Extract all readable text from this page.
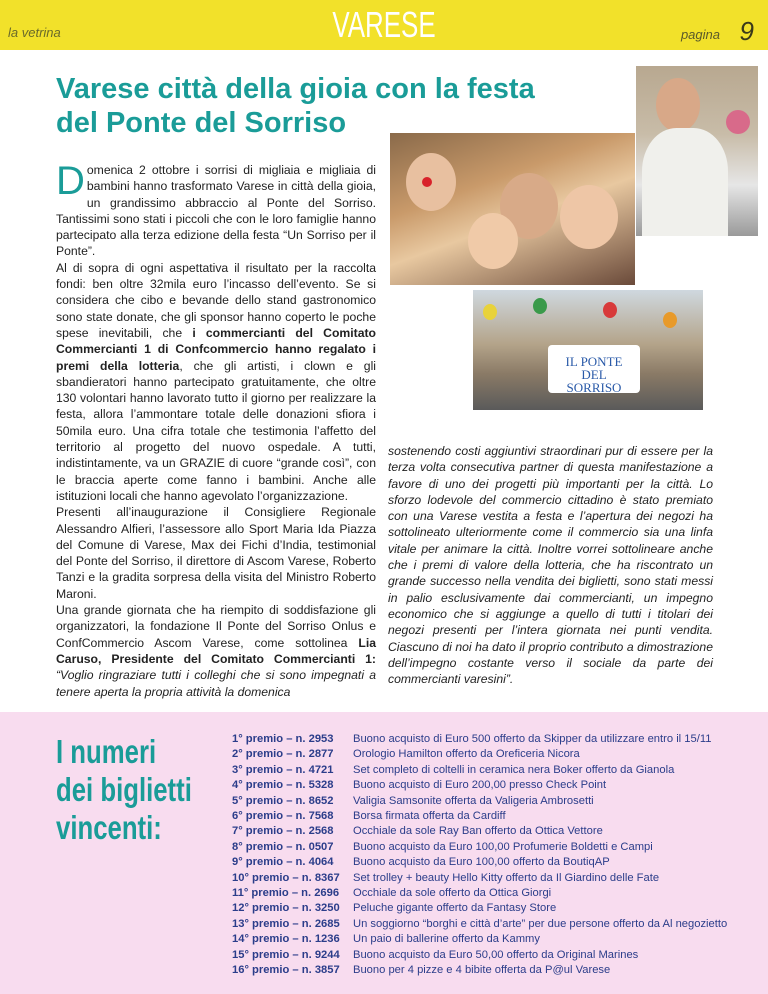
la vetrina	VARESE	pagina 9
Varese città della gioia con la festa
del Ponte del Sorriso
IL PONTE DEL SORRISO

Domenica 2 ottobre i sorrisi di migliaia e migliaia di bambini hanno trasformato Varese in città della gioia, un grandissimo abbraccio al Ponte del Sorriso. Tantissimi sono stati i piccoli che con le loro famiglie hanno partecipato alla terza edizione della festa “Un Sorriso per il Ponte”.

Al di sopra di ogni aspettativa il risultato per la raccolta fondi: ben oltre 32mila euro l’incasso dell’evento. Se si considera che cibo e bevande dello stand gastronomico sono state donate, che gli sponsor hanno coperto le poche spese inevitabili, che i commercianti del Comitato Commercianti 1 di Confcommercio hanno regalato i premi della lotteria, che gli artisti, i clown e gli sbandieratori hanno partecipato gratuitamente, che oltre 130 volontari hanno lavorato tutto il giorno per realizzare la festa, allora l’ammontare totale delle donazioni sfiora i 50mila euro. Una cifra totale che testimonia l’affetto del territorio al progetto del nuovo ospedale. A tutti, indistintamente, va un GRAZIE di cuore “grande così”, con le braccia aperte come fanno i bambini. Anche alle istituzioni locali che hanno agevolato l’organizzazione.

Presenti all’inaugurazione il Consigliere Regionale Alessandro Alfieri, l’assessore allo Sport Maria Ida Piazza del Comune di Varese, Max dei Fichi d’India, testimonial del Ponte del Sorriso, il direttore di Ascom Varese, Roberto Tanzi e la gradita sorpresa della visita del Ministro Roberto Maroni.

Una grande giornata che ha riempito di soddisfazione gli organizzatori, la fondazione Il Ponte del Sorriso Onlus e ConfCommercio Ascom Varese, come sottolinea Lia Caruso, Presidente del Comitato Commercianti 1: “Voglio ringraziare tutti i colleghi che si sono impegnati a tenere aperta la propria attività la domenica

sostenendo costi aggiuntivi straordinari pur di essere per la terza volta consecutiva partner di questa manifestazione a favore di uno dei progetti più importanti per la città. Lo sforzo lodevole del commercio cittadino è stato premiato con una Varese vestita a festa e l’apertura dei negozi ha sottolineato ulteriormente come il commercio sia una linfa vitale per animare la città. Inoltre vorrei sottolineare anche che i premi di valore della lotteria, che ha riscontrato un grande successo nella vendita dei biglietti, sono stati messi in palio esclusivamente dai commercianti, un impegno economico che si aggiunge a quello di tutti i titolari dei negozi presenti per l’intera giornata nei punti vendita. Ciascuno di noi ha dato il proprio contributo a dimostrazione dell’impegno costante verso il sociale da parte dei commercianti varesini”.
I numeri
dei biglietti
vincenti:
1° premio – n. 2953	Buono acquisto di Euro 500 offerto da Skipper da utilizzare entro il 15/11
2° premio – n. 2877	Orologio Hamilton offerto da Oreficeria Nicora
3° premio – n. 4721	Set completo di coltelli in ceramica nera Boker offerto da Gianola
4° premio – n. 5328	Buono acquisto di Euro 200,00 presso Check Point
5° premio – n. 8652	Valigia Samsonite offerta da Valigeria Ambrosetti
6° premio – n. 7568	Borsa firmata offerta da Cardiff
7° premio – n. 2568	Occhiale da sole Ray Ban offerto da Ottica Vettore
8° premio – n. 0507	Buono acquisto da Euro 100,00 Profumerie Boldetti e Campi
9° premio – n. 4064	Buono acquisto da Euro 100,00 offerto da BoutiqAP
10° premio – n. 8367	Set trolley + beauty Hello Kitty offerto da Il Giardino delle Fate
11° premio – n. 2696	Occhiale da sole offerto da Ottica Giorgi
12° premio – n. 3250	Peluche gigante offerto da Fantasy Store
13° premio – n. 2685	Un soggiorno “borghi e città d’arte” per due persone offerto da Al negozietto
14° premio – n. 1236	Un paio di ballerine offerto da Kammy
15° premio – n. 9244	Buono acquisto da Euro 50,00 offerto da Original Marines
16° premio – n. 3857	Buono per 4 pizze e 4 bibite offerta da P@ul Varese
